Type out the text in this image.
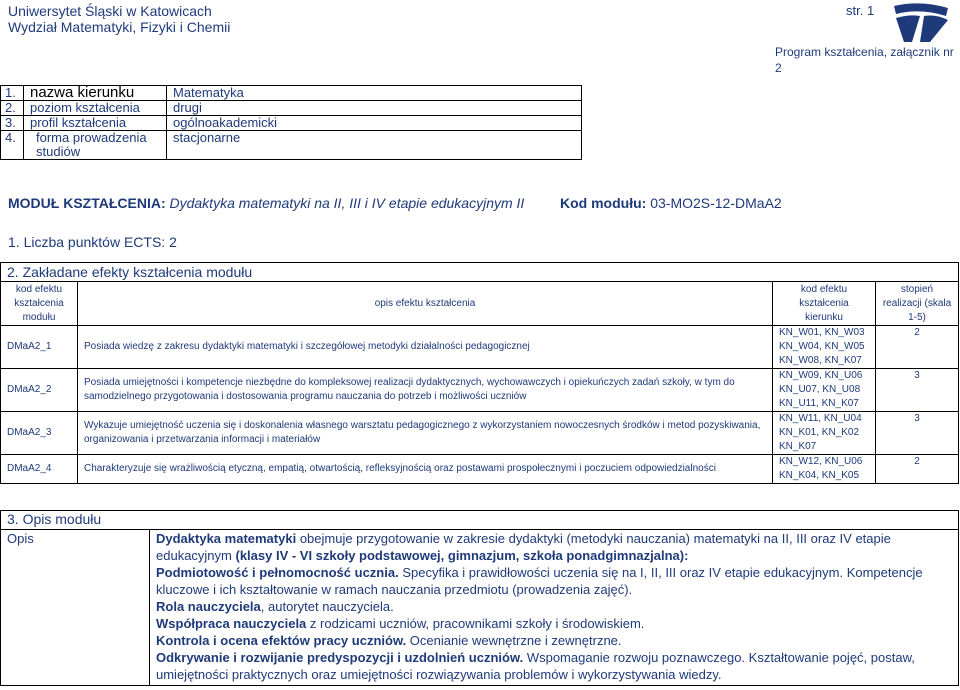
Uniwersytet Śląski w Katowicach
Wydział Matematyki, Fizyki i Chemii
str. 1
Program kształcenia, załącznik nr 2
1.	nazwa kierunku	Matematyka
2.	poziom kształcenia	drugi
3.	profil kształcenia	ogólnoakademicki
4.	forma prowadzenia studiów	stacjonarne
MODUŁ KSZTAŁCENIA: Dydaktyka matematyki na II, III i IV etapie edukacyjnym II	Kod modułu: 03-MO2S-12-DMaA2
1. Liczba punktów ECTS: 2
2. Zakładane efekty kształcenia modułu			
kod efektu kształcenia modułu	opis efektu kształcenia	kod efektu kształcenia kierunku	stopień realizacji (skala 1-5)
DMaA2_1	Posiada wiedzę z zakresu dydaktyki matematyki i szczegółowej metodyki działalności pedagogicznej	KN_W01, KN_W03 KN_W04, KN_W05 KN_W08, KN_K07	2
DMaA2_2	Posiada umiejętności i kompetencje niezbędne do kompleksowej realizacji dydaktycznych, wychowawczych i opiekuńczych zadań szkoły, w tym do samodzielnego przygotowania i dostosowania programu nauczania do potrzeb i możliwości uczniów	KN_W09, KN_U06 KN_U07, KN_U08 KN_U11, KN_K07	3
DMaA2_3	Wykazuje umiejętność uczenia się i doskonalenia własnego warsztatu pedagogicznego z wykorzystaniem nowoczesnych środków i metod pozyskiwania, organizowania i przetwarzania informacji i materiałów	KN_W11, KN_U04 KN_K01, KN_K02 KN_K07	3
DMaA2_4	Charakteryzuje się wrażliwością etyczną, empatią, otwartością, refleksyjnością oraz postawami prospołecznymi i poczuciem odpowiedzialności	KN_W12, KN_U06 KN_K04, KN_K05	2
3. Opis modułu
Opis	Dydaktyka matematyki obejmuje przygotowanie w zakresie dydaktyki (metodyki nauczania) matematyki na II, III oraz IV etapie edukacyjnym (klasy IV - VI szkoły podstawowej, gimnazjum, szkoła ponadgimnazjalna):
Podmiotowość i pełnomocność ucznia. Specyfika i prawidłowości uczenia się na I, II, III oraz IV etapie edukacyjnym. Kompetencje kluczowe i ich kształtowanie w ramach nauczania przedmiotu (prowadzenia zajęć).
Rola nauczyciela, autorytet nauczyciela.
Współpraca nauczyciela z rodzicami uczniów, pracownikami szkoły i środowiskiem.
Kontrola i ocena efektów pracy uczniów. Ocenianie wewnętrzne i zewnętrzne.
Odkrywanie i rozwijanie predyspozycji i uzdolnień uczniów. Wspomaganie rozwoju poznawczego. Kształtowanie pojęć, postaw, umiejętności praktycznych oraz umiejętności rozwiązywania problemów i wykorzystywania wiedzy.
